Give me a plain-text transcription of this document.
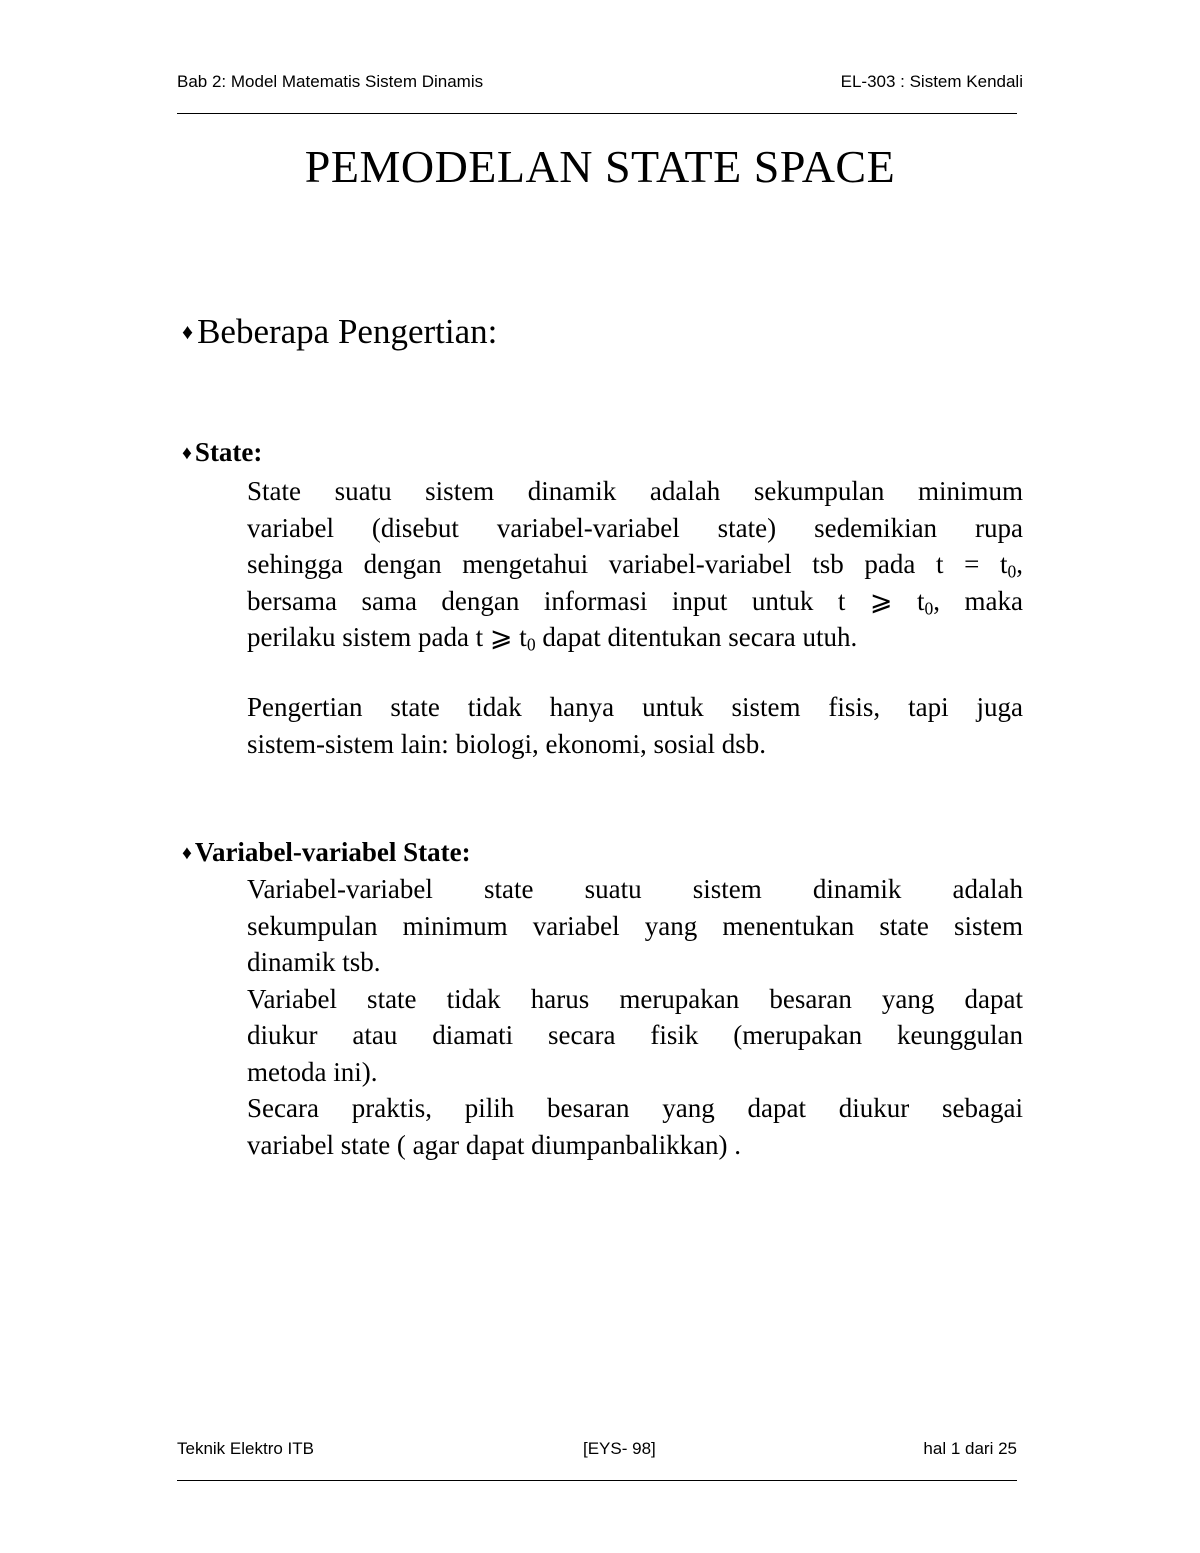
Bab 2: Model Matematis Sistem Dinamis	EL-303 : Sistem Kendali
PEMODELAN STATE SPACE
♦ Beberapa Pengertian:
♦ State:

State suatu sistem dinamik adalah sekumpulan minimum

variabel (disebut variabel-variabel state) sedemikian rupa

sehingga dengan mengetahui variabel-variabel tsb pada $t = t_0$,

bersama sama dengan informasi input untuk t ⩾ $t_0$, maka

perilaku sistem pada t ⩾ $t_0$ dapat ditentukan secara utuh.

Pengertian state tidak hanya untuk sistem fisis, tapi juga

sistem-sistem lain: biologi, ekonomi, sosial dsb.

♦ Variabel-variabel State:

Variabel-variabel state suatu sistem dinamik adalah

sekumpulan minimum variabel yang menentukan state sistem

dinamik tsb.

Variabel state tidak harus merupakan besaran yang dapat

diukur atau diamati secara fisik (merupakan keunggulan

metoda ini).

Secara praktis, pilih besaran yang dapat diukur sebagai

variabel state ( agar dapat diumpanbalikkan) .

Teknik Elektro ITB	[EYS- 98]	hal 1 dari 25
